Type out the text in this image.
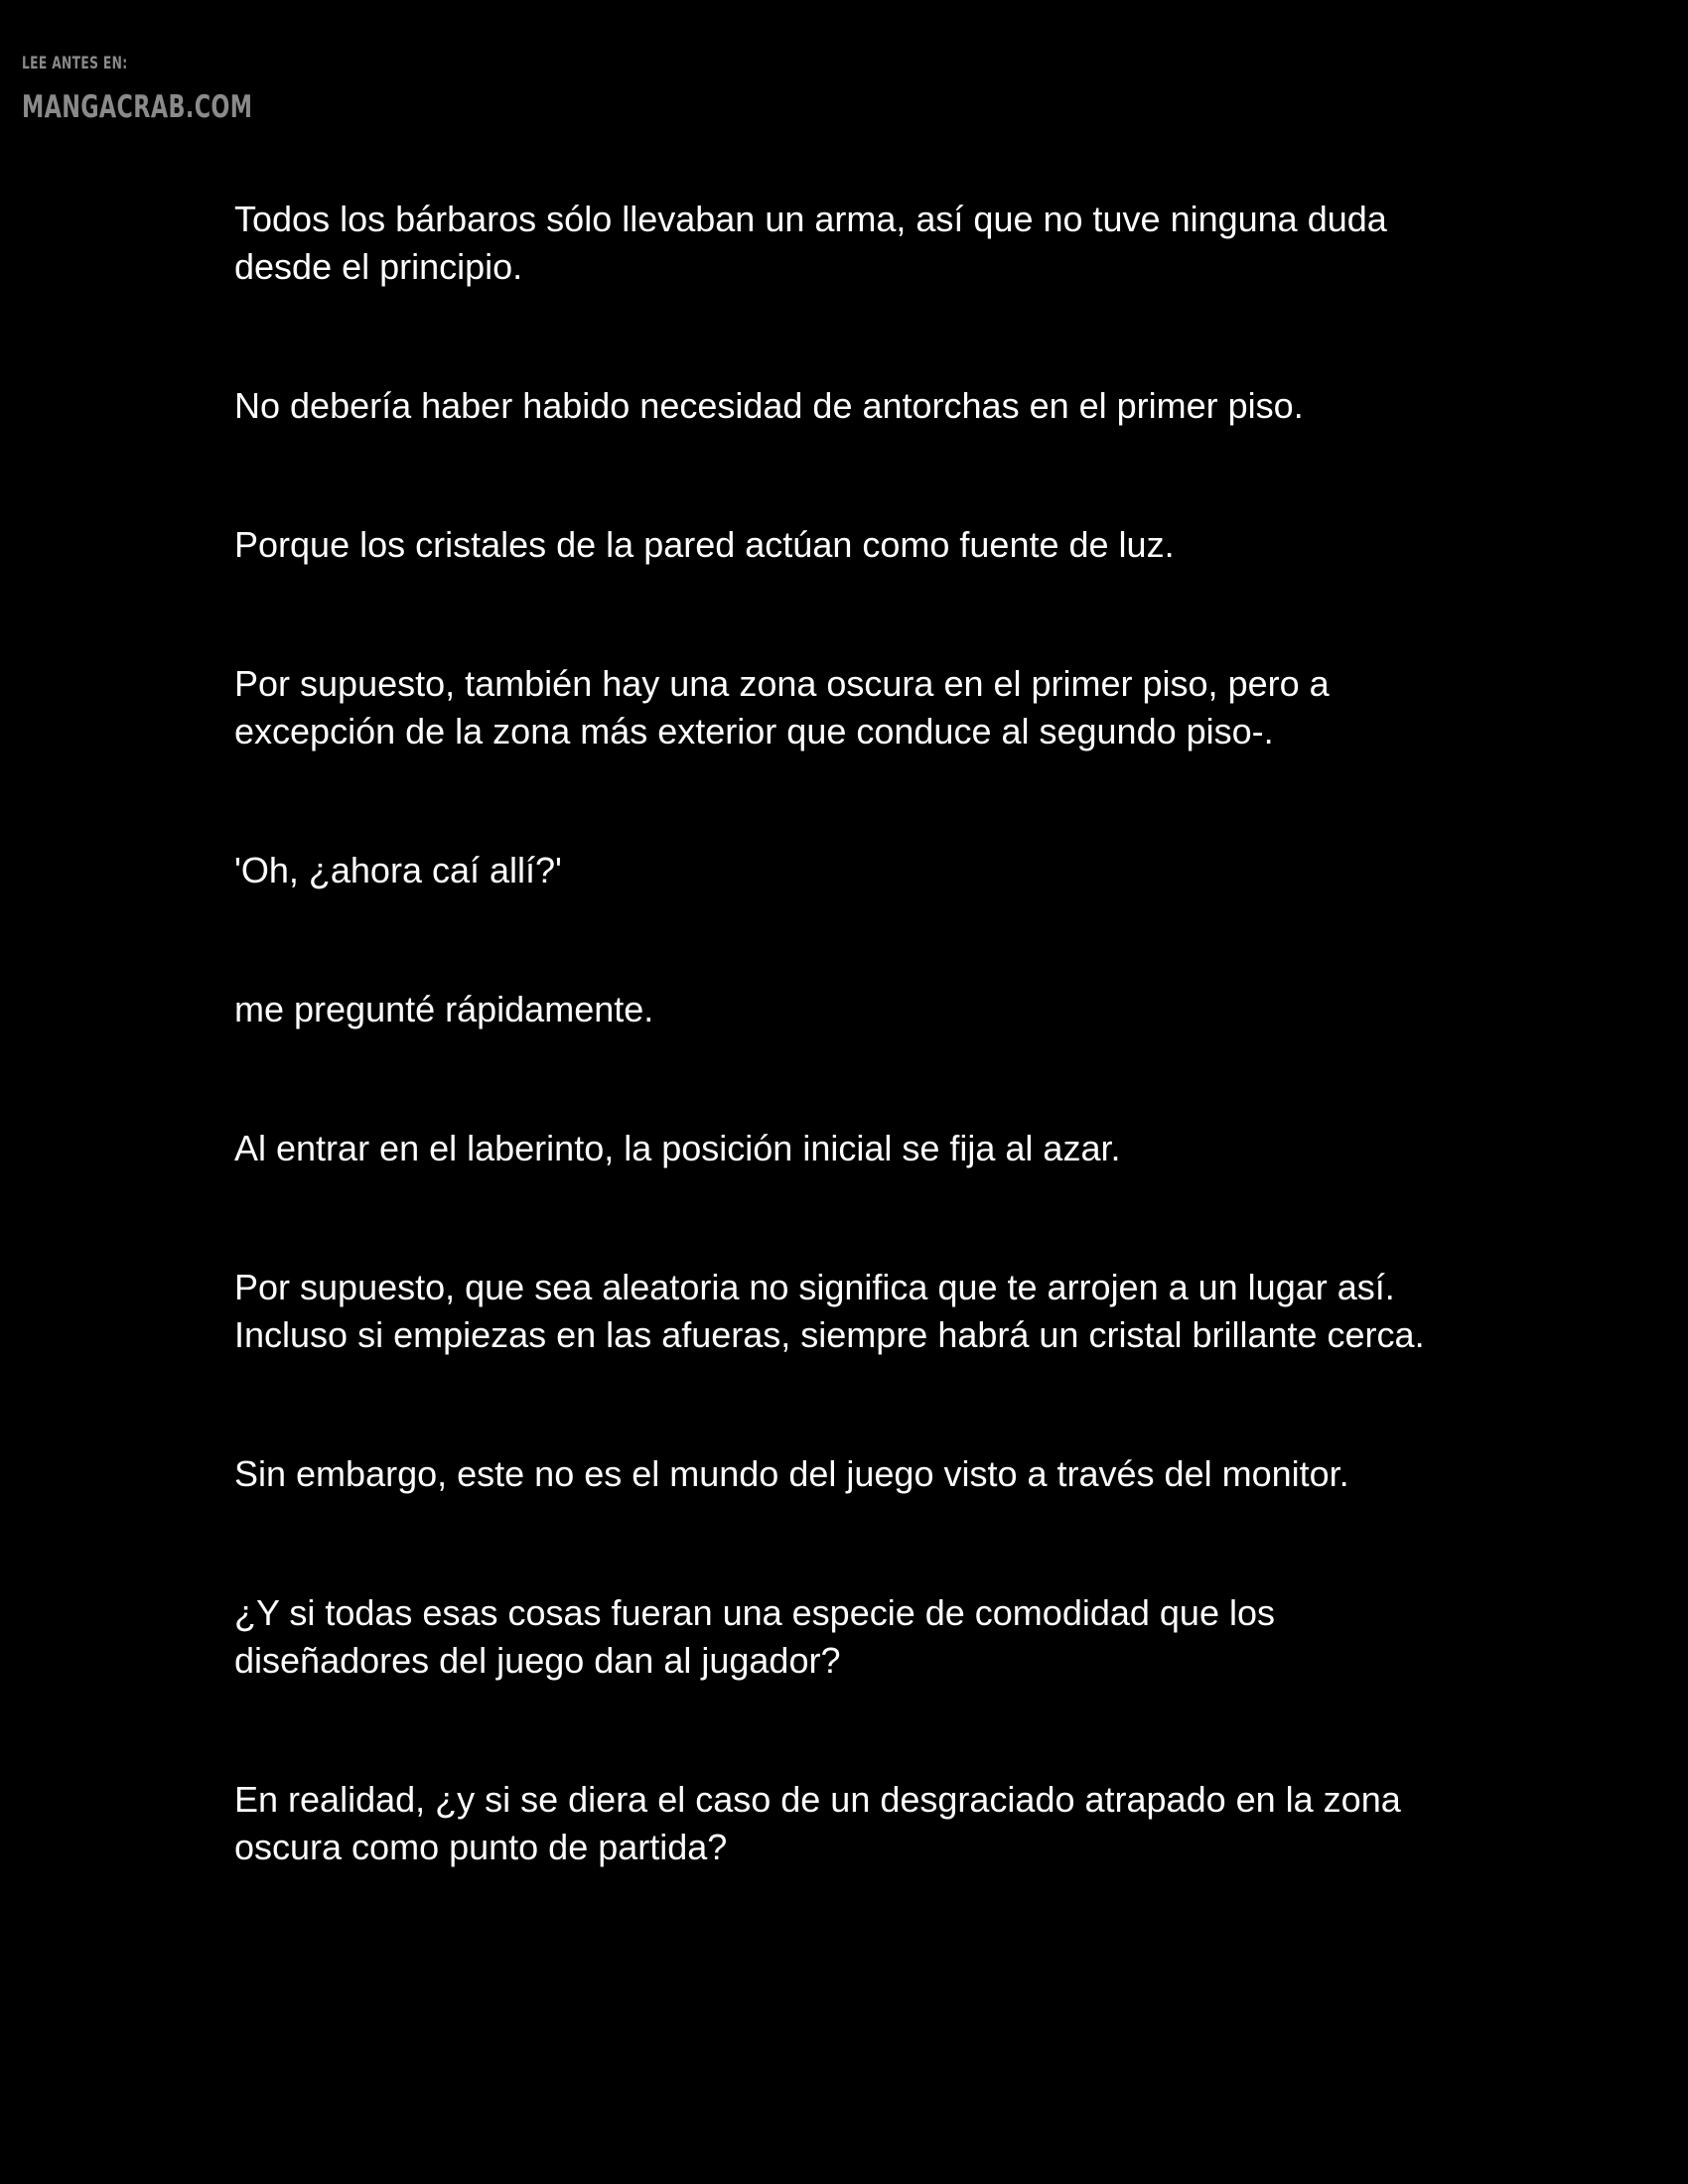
LEE ANTES EN:
MANGACRAB.COM

Todos los bárbaros sólo llevaban un arma, así que no tuve ninguna duda desde el principio.

No debería haber habido necesidad de antorchas en el primer piso.

Porque los cristales de la pared actúan como fuente de luz.

Por supuesto, también hay una zona oscura en el primer piso, pero a excepción de la zona más exterior que conduce al segundo piso-.

'Oh, ¿ahora caí allí?'

me pregunté rápidamente.

Al entrar en el laberinto, la posición inicial se fija al azar.

Por supuesto, que sea aleatoria no significa que te arrojen a un lugar así. Incluso si empiezas en las afueras, siempre habrá un cristal brillante cerca.

Sin embargo, este no es el mundo del juego visto a través del monitor.

¿Y si todas esas cosas fueran una especie de comodidad que los diseñadores del juego dan al jugador?

En realidad, ¿y si se diera el caso de un desgraciado atrapado en la zona oscura como punto de partida?
